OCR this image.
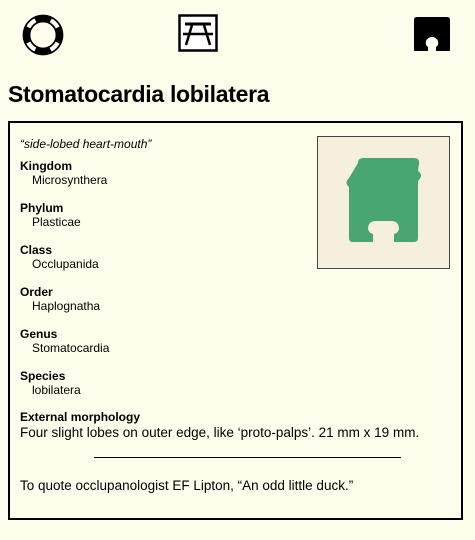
Stomatocardia lobilatera
“side-lobed heart-mouth”
Kingdom
Microsynthera
Phylum
Plasticae
Class
Occlupanida
Order
Haplognatha
Genus
Stomatocardia
Species
lobilatera
External morphology
Four slight lobes on outer edge, like ‘proto-palps’. 21 mm x 19 mm.
To quote occlupanologist EF Lipton, “An odd little duck.”
